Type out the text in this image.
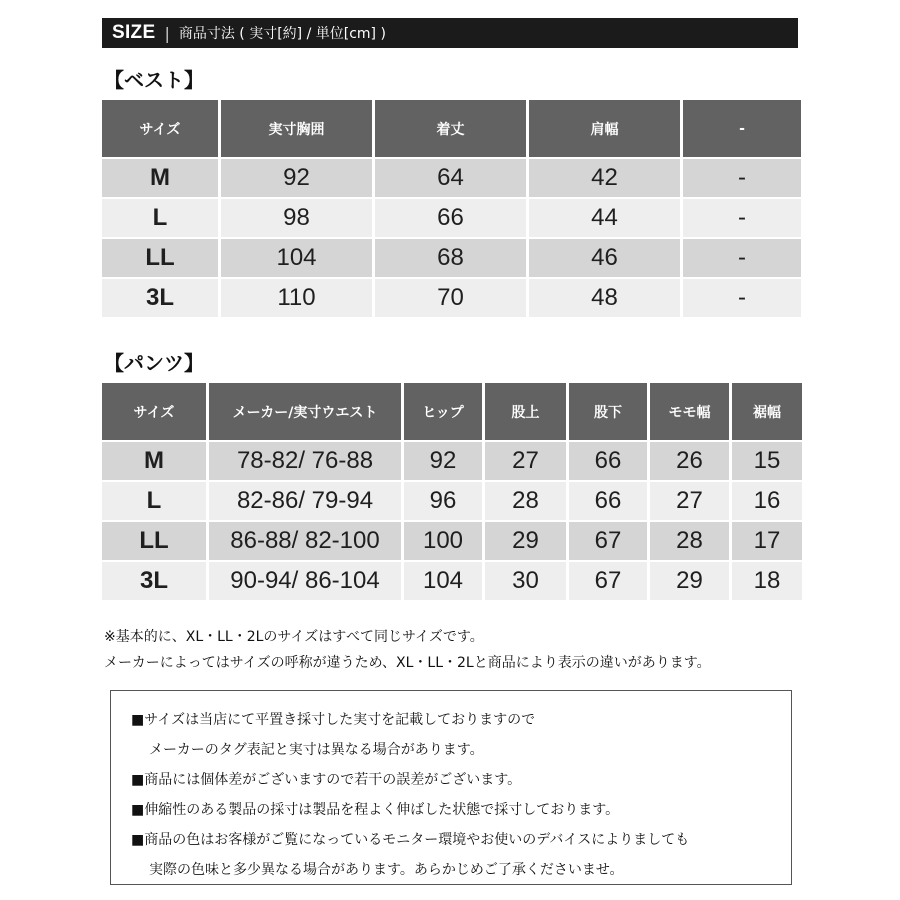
SIZE | 商品寸法 ( 実寸[約] / 単位[cm] )
【ベスト】
サイズ	実寸胸囲	着丈	肩幅	-
M	92	64	42	-
L	98	66	44	-
LL	104	68	46	-
3L	110	70	48	-
【パンツ】
サイズ	メーカー/実寸ウエスト	ヒップ	股上	股下	モモ幅	裾幅
M	78-82/ 76-88	92	27	66	26	15
L	82-86/ 79-94	96	28	66	27	16
LL	86-88/ 82-100	100	29	67	28	17
3L	90-94/ 86-104	104	30	67	29	18
※基本的に、XL・LL・2Lのサイズはすべて同じサイズです。
メーカーによってはサイズの呼称が違うため、XL・LL・2Lと商品により表示の違いがあります。
■サイズは当店にて平置き採寸した実寸を記載しておりますので
メーカーのタグ表記と実寸は異なる場合があります。
■商品には個体差がございますので若干の誤差がございます。
■伸縮性のある製品の採寸は製品を程よく伸ばした状態で採寸しております。
■商品の色はお客様がご覧になっているモニター環境やお使いのデバイスによりましても
実際の色味と多少異なる場合があります。あらかじめご了承くださいませ。
